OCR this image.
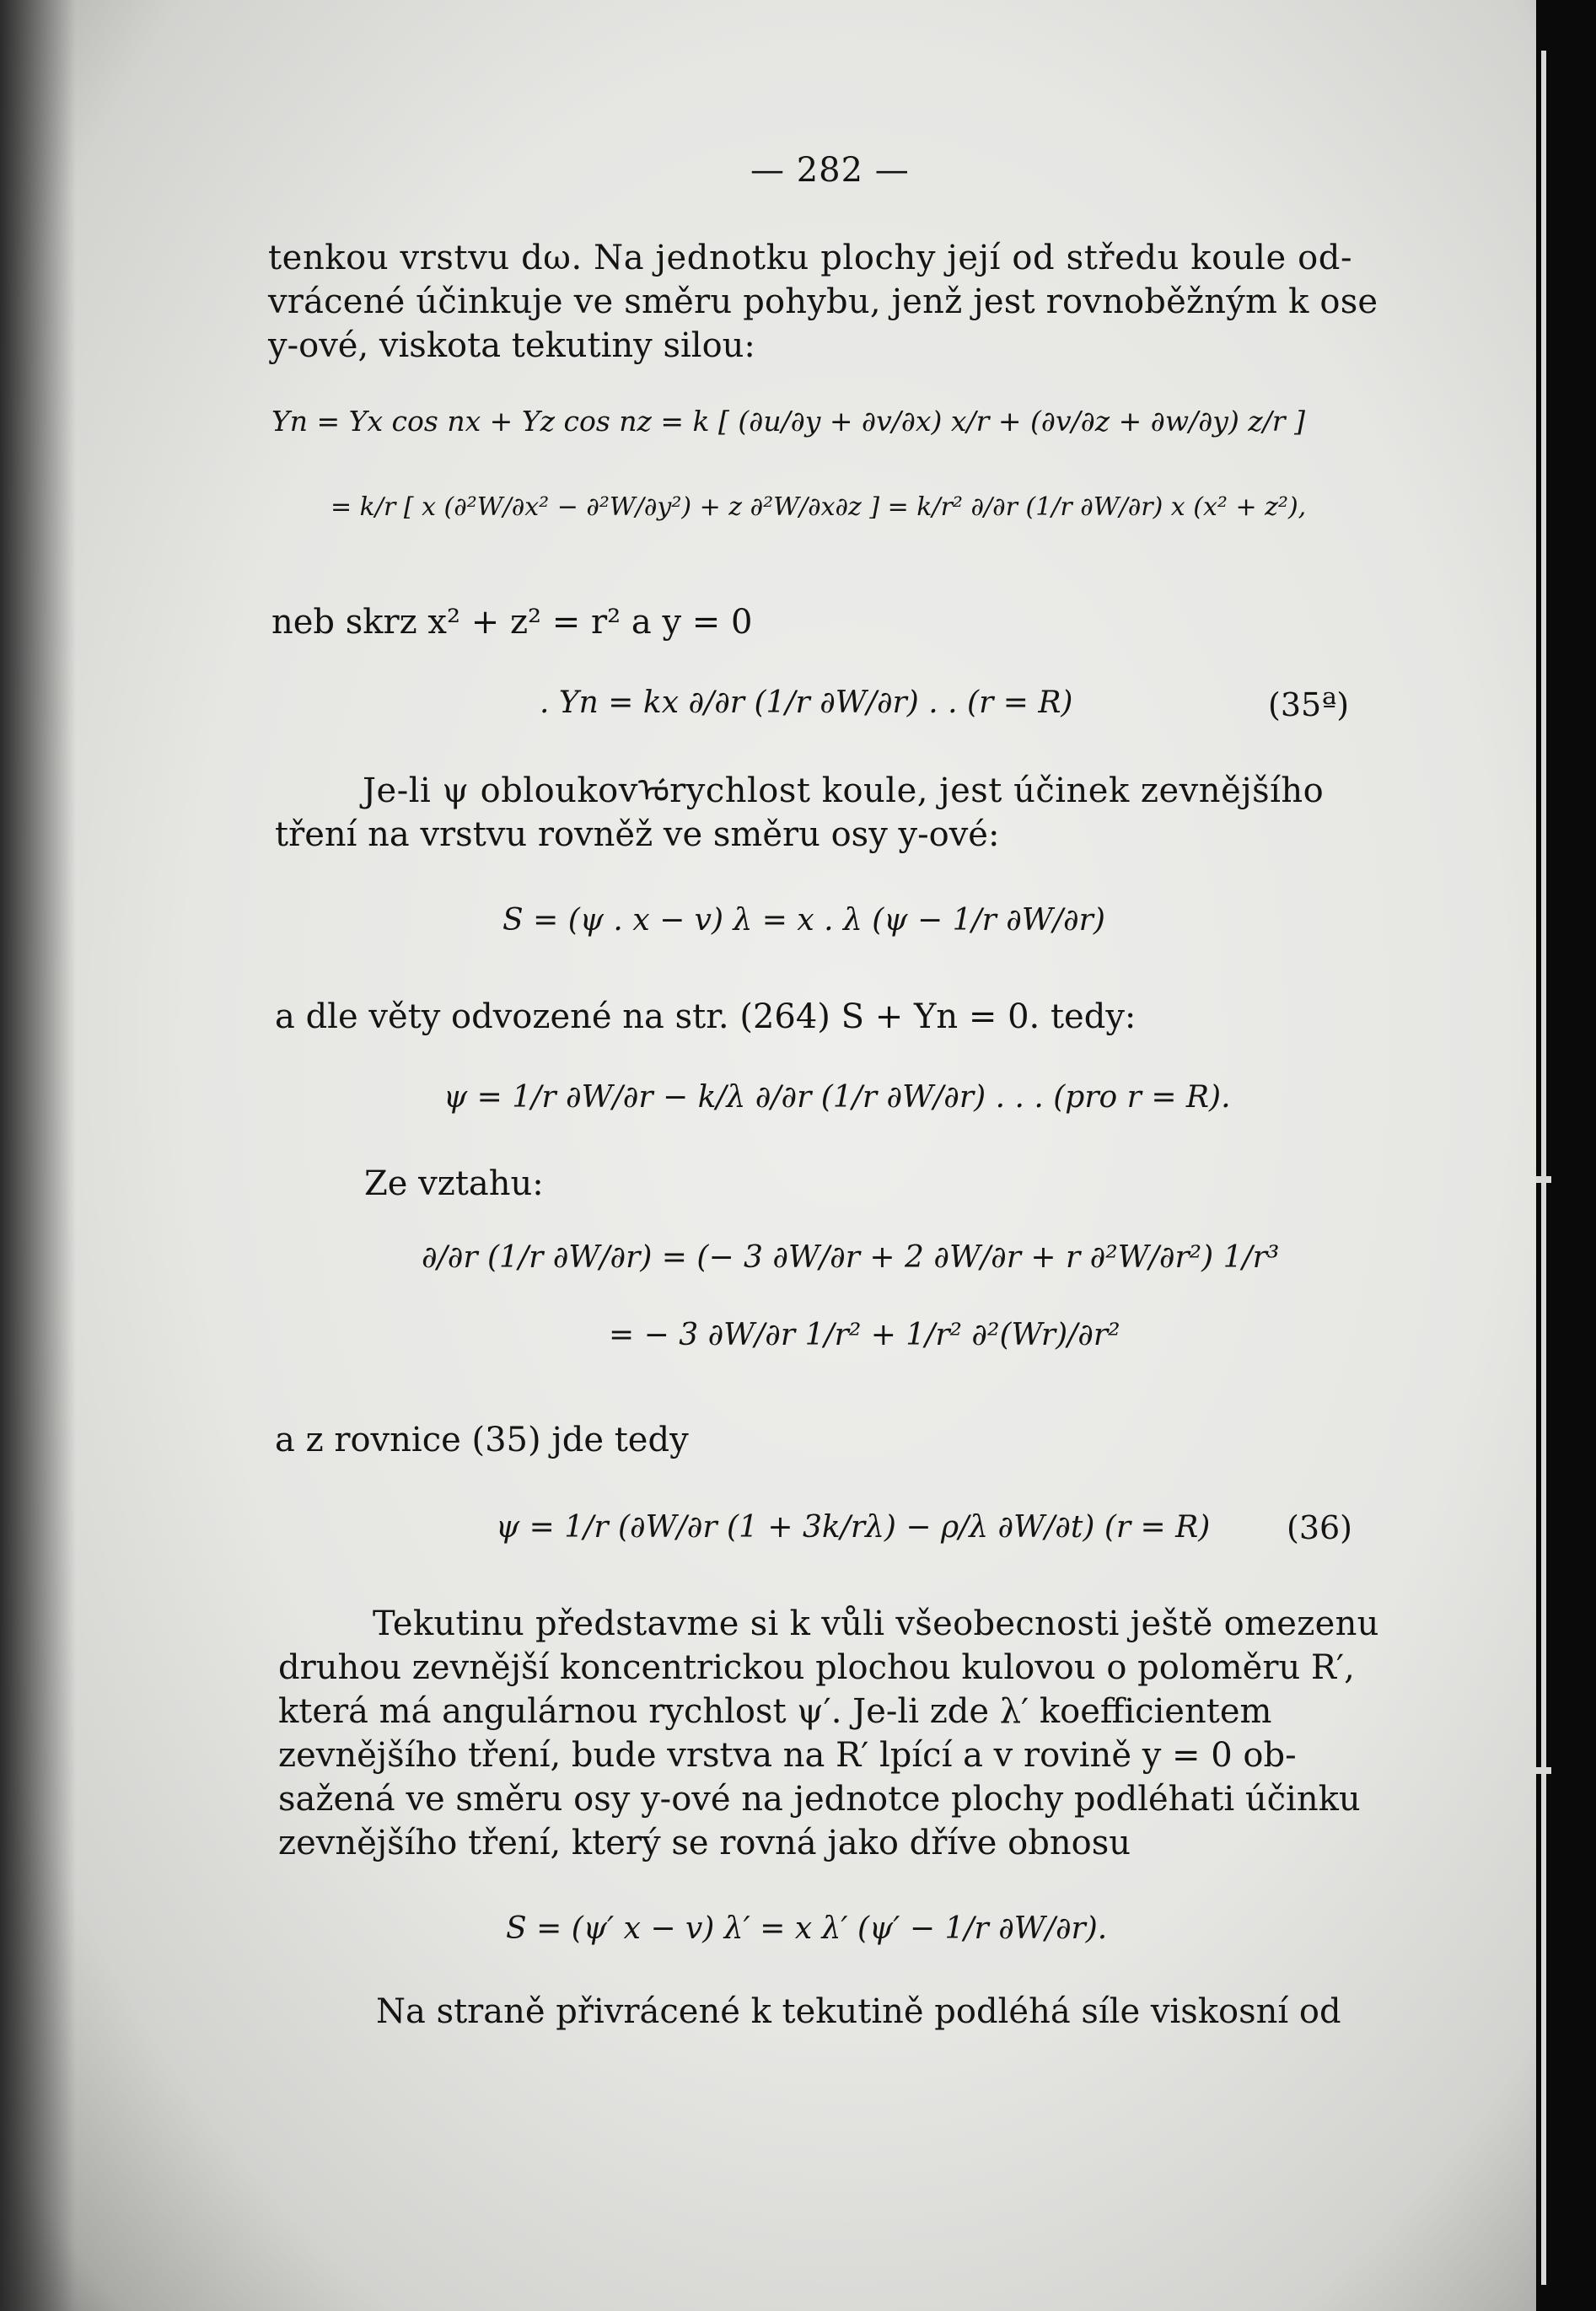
— 282 —
tenkou vrstvu dω. Na jednotku plochy její od středu koule od-
vrácené účinkuje ve směru pohybu, jenž jest rovnoběžným k ose
y-ové, viskota tekutiny silou:
Yn = Yx cos nx + Yz cos nz = k [ (∂u/∂y + ∂v/∂x) x/r + (∂v/∂z + ∂w/∂y) z/r ]
= k/r [ x (∂²W/∂x² − ∂²W/∂y²) + z ∂²W/∂x∂z ] = k/r² ∂/∂r (1/r ∂W/∂r) x (x² + z²),
neb skrz x² + z² = r² a y = 0
. Yn = kx ∂/∂r (1/r ∂W/∂r) . . (r = R)	(35ª)
Je-li ψ obloukovᡠrychlost koule, jest účinek zevnějšího
tření na vrstvu rovněž ve směru osy y-ové:
S = (ψ . x − v) λ = x . λ (ψ − 1/r ∂W/∂r)
a dle věty odvozené na str. (264) S + Yn = 0. tedy:
ψ = 1/r ∂W/∂r − k/λ ∂/∂r (1/r ∂W/∂r) . . . (pro r = R).
Ze vztahu:
∂/∂r (1/r ∂W/∂r) = (− 3 ∂W/∂r + 2 ∂W/∂r + r ∂²W/∂r²) 1/r³
= − 3 ∂W/∂r 1/r² + 1/r² ∂²(Wr)/∂r²
a z rovnice (35) jde tedy
ψ = 1/r (∂W/∂r (1 + 3k/rλ) − ρ/λ ∂W/∂t) (r = R) (36)
Tekutinu představme si k vůli všeobecnosti ještě omezenu
druhou zevnější koncentrickou plochou kulovou o poloměru R′,
která má angulárnou rychlost ψ′. Je-li zde λ′ koefficientem
zevnějšího tření, bude vrstva na R′ lpící a v rovině y = 0 ob-
sažená ve směru osy y-ové na jednotce plochy podléhati účinku
zevnějšího tření, který se rovná jako dříve obnosu
S = (ψ′ x − v) λ′ = x λ′ (ψ′ − 1/r ∂W/∂r).
Na straně přivrácené k tekutině podléhá síle viskosní od
